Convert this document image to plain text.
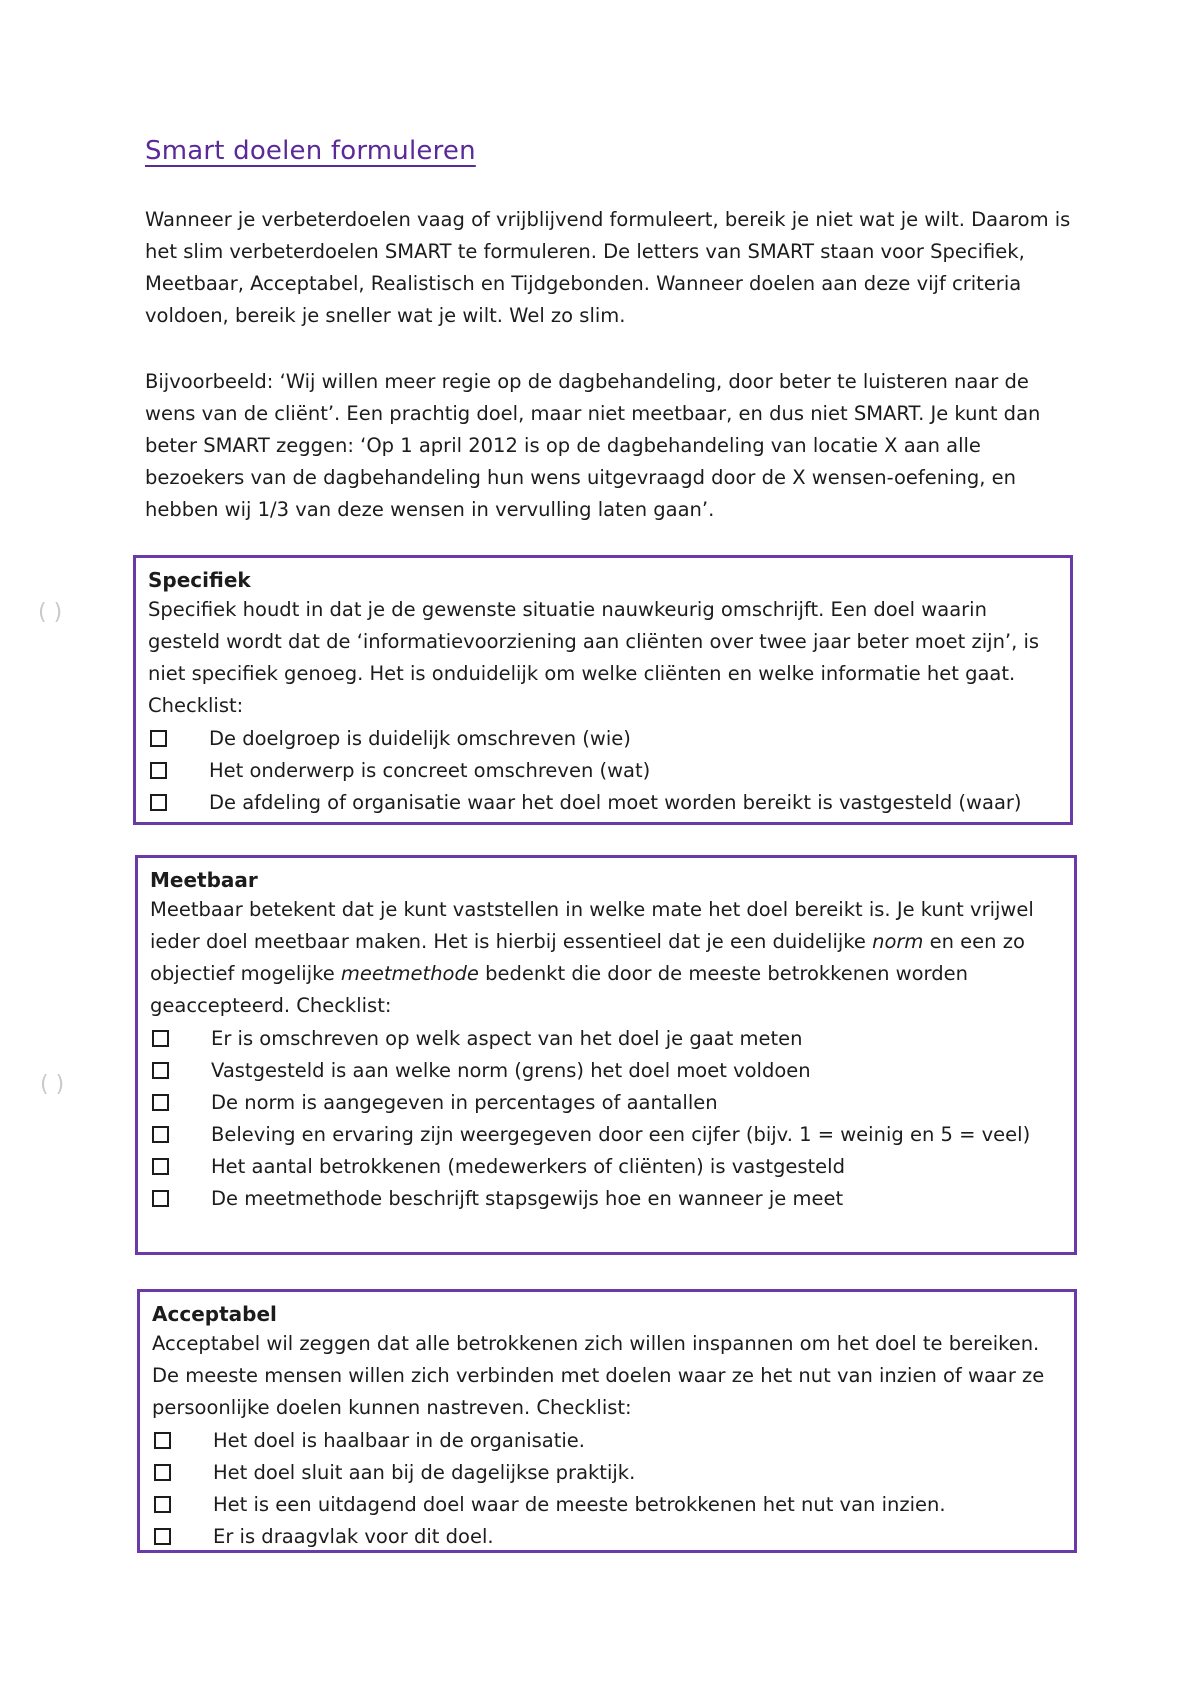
( )
( )
Smart doelen formuleren

Wanneer je verbeterdoelen vaag of vrijblijvend formuleert, bereik je niet wat je wilt. Daarom is het slim verbeterdoelen SMART te formuleren. De letters van SMART staan voor Specifiek, Meetbaar, Acceptabel, Realistisch en Tijdgebonden. Wanneer doelen aan deze vijf criteria voldoen, bereik je sneller wat je wilt. Wel zo slim.

Bijvoorbeeld: ‘Wij willen meer regie op de dagbehandeling, door beter te luisteren naar de wens van de cliënt’. Een prachtig doel, maar niet meetbaar, en dus niet SMART. Je kunt dan beter SMART zeggen: ‘Op 1 april 2012 is op de dagbehandeling van locatie X aan alle bezoekers van de dagbehandeling hun wens uitgevraagd door de X wensen-oefening, en hebben wij 1/3 van deze wensen in vervulling laten gaan’.

Specifiek

Specifiek houdt in dat je de gewenste situatie nauwkeurig omschrijft. Een doel waarin gesteld wordt dat de ‘informatievoorziening aan cliënten over twee jaar beter moet zijn’, is niet specifiek genoeg. Het is onduidelijk om welke cliënten en welke informatie het gaat. Checklist:

De doelgroep is duidelijk omschreven (wie)
Het onderwerp is concreet omschreven (wat)
De afdeling of organisatie waar het doel moet worden bereikt is vastgesteld (waar)
Meetbaar

Meetbaar betekent dat je kunt vaststellen in welke mate het doel bereikt is. Je kunt vrijwel ieder doel meetbaar maken. Het is hierbij essentieel dat je een duidelijke norm en een zo objectief mogelijke meetmethode bedenkt die door de meeste betrokkenen worden geaccepteerd. Checklist:

Er is omschreven op welk aspect van het doel je gaat meten
Vastgesteld is aan welke norm (grens) het doel moet voldoen
De norm is aangegeven in percentages of aantallen
Beleving en ervaring zijn weergegeven door een cijfer (bijv. 1 = weinig en 5 = veel)
Het aantal betrokkenen (medewerkers of cliënten) is vastgesteld
De meetmethode beschrijft stapsgewijs hoe en wanneer je meet
Acceptabel

Acceptabel wil zeggen dat alle betrokkenen zich willen inspannen om het doel te bereiken. De meeste mensen willen zich verbinden met doelen waar ze het nut van inzien of waar ze persoonlijke doelen kunnen nastreven. Checklist:

Het doel is haalbaar in de organisatie.
Het doel sluit aan bij de dagelijkse praktijk.
Het is een uitdagend doel waar de meeste betrokkenen het nut van inzien.
Er is draagvlak voor dit doel.
